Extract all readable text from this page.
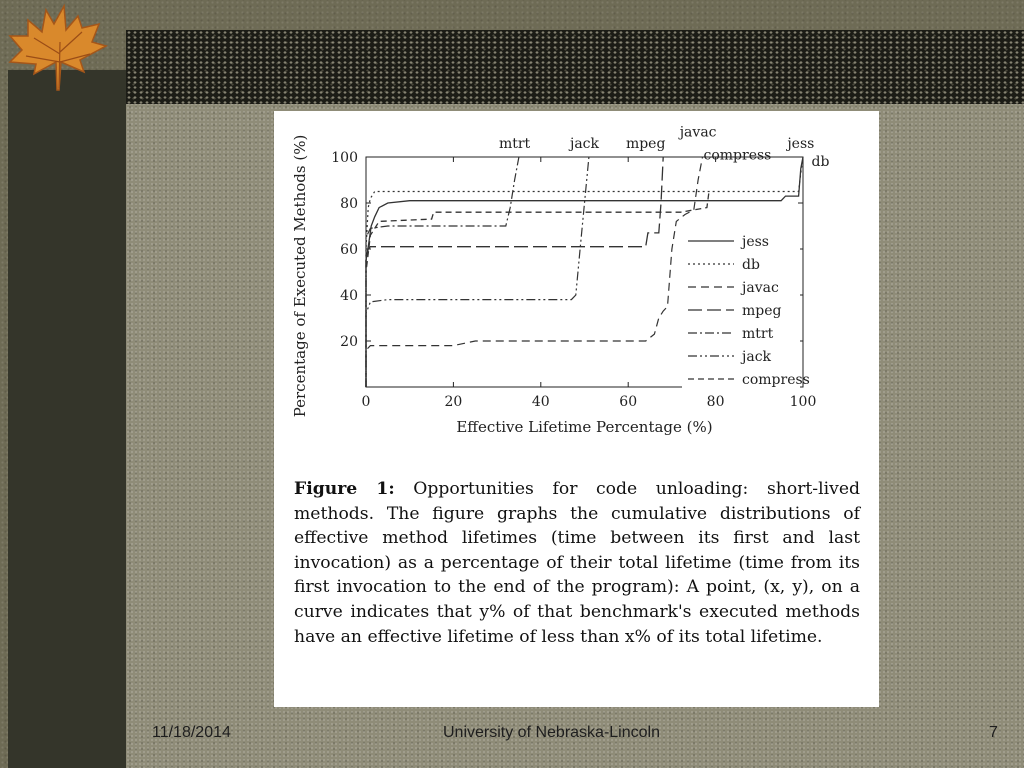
0	20	40	60	80	100
20
40
60
80
100
Effective Lifetime Percentage (%)
Percentage of Executed Methods (%)	jess
db
javac
mpeg
mtrt	jack
compress
jess
db
javac
mpeg
mtrt
jack
compress

Figure 1: Opportunities for code unloading: short-lived methods. The figure graphs the cumulative distributions of effective method lifetimes (time between its first and last invocation) as a percentage of their total lifetime (time from its first invocation to the end of the program): A point, (x, y), on a curve indicates that y% of that benchmark's executed methods have an effective lifetime of less than x% of its total lifetime.

11/18/2014	University of Nebraska-Lincoln	7
